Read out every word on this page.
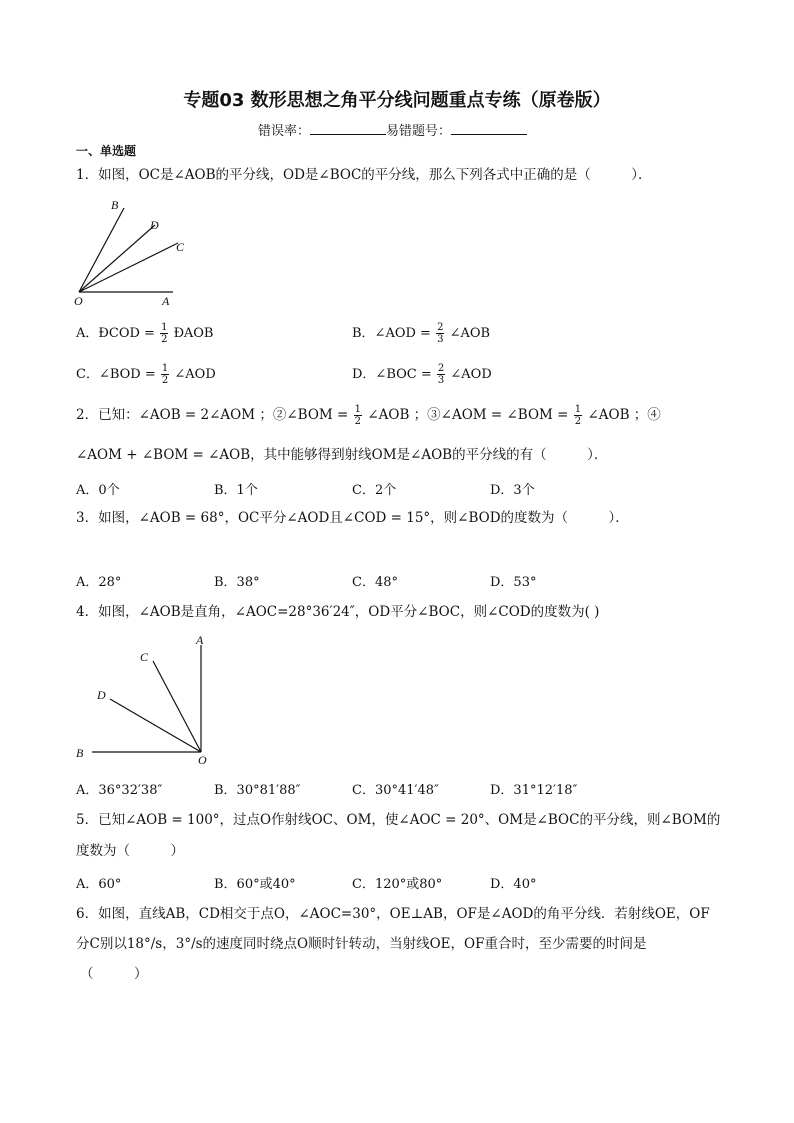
专题03 数形思想之角平分线问题重点专练（原卷版）
错误率：	易错题号：
一、单选题
1．如图，OC是∠AOB的平分线，OD是∠BOC的平分线，那么下列各式中正确的是（　　　）．
O	A
B
D
C
A．ÐCOD = $\frac{1}{2}$ ÐAOB	B．∠AOD = $\frac{2}{3}$ ∠AOB
C．∠BOD = $\frac{1}{2}$ ∠AOD	D．∠BOC = $\frac{2}{3}$ ∠AOD
2．已知：∠AOB = 2∠AOM ；②∠BOM = $\frac{1}{2}$ ∠AOB ；③∠AOM = ∠BOM = $\frac{1}{2}$ ∠AOB ；④
∠AOM + ∠BOM = ∠AOB，其中能够得到射线OM是∠AOB的平分线的有（　　　）．
A．0个	B．1个	C．2个	D．3个
3．如图，∠AOB = 68°，OC平分∠AOD且∠COD = 15°，则∠BOD的度数为（　　　）．
A．28°	B．38°	C．48°	D．53°
4．如图，∠AOB是直角，∠AOC=28°36′24″，OD平分∠BOC，则∠COD的度数为( )
A
C
D
B	O
A．36°32′38″	B．30°81′88″	C．30°41′48″	D．31°12′18″
5．已知∠AOB = 100°，过点O作射线OC、OM，使∠AOC = 20°、OM是∠BOC的平分线，则∠BOM的
度数为（　　　）
A．60°	B．60°或40°	C．120°或80°	D．40°
6．如图，直线AB，CD相交于点O，∠AOC=30°，OE⊥AB，OF是∠AOD的角平分线．若射线OE，OF
分C别以18°/s，3°/s的速度同时绕点O顺时针转动，当射线OE，OF重合时，至少需要的时间是
（　　　）
